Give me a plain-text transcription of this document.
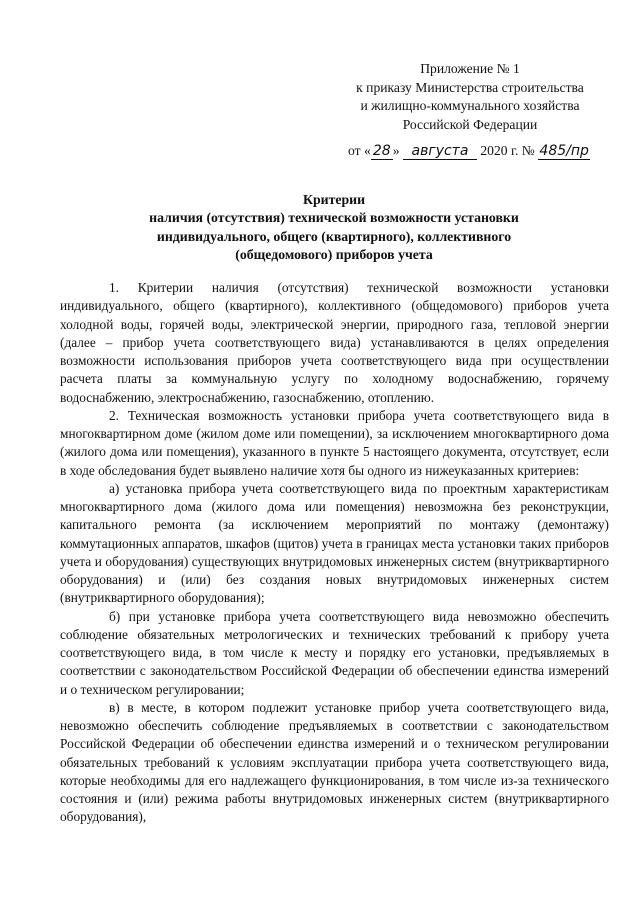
Приложение № 1
к приказу Министерства строительства
и жилищно-коммунального хозяйства
Российской Федерации
от « 28 » августа 2020 г. № 485/пр
Критерии
наличия (отсутствия) технической возможности установки
индивидуального, общего (квартирного), коллективного
(общедомового) приборов учета

1. Критерии наличия (отсутствия) технической возможности установки индивидуального, общего (квартирного), коллективного (общедомового) приборов учета холодной воды, горячей воды, электрической энергии, природного газа, тепловой энергии (далее – прибор учета соответствующего вида) устанавливаются в целях определения возможности использования приборов учета соответствующего вида при осуществлении расчета платы за коммунальную услугу по холодному водоснабжению, горячему водоснабжению, электроснабжению, газоснабжению, отоплению.

2. Техническая возможность установки прибора учета соответствующего вида в многоквартирном доме (жилом доме или помещении), за исключением многоквартирного дома (жилого дома или помещения), указанного в пункте 5 настоящего документа, отсутствует, если в ходе обследования будет выявлено наличие хотя бы одного из нижеуказанных критериев:

а) установка прибора учета соответствующего вида по проектным характеристикам многоквартирного дома (жилого дома или помещения) невозможна без реконструкции, капитального ремонта (за исключением мероприятий по монтажу (демонтажу) коммутационных аппаратов, шкафов (щитов) учета в границах места установки таких приборов учета и оборудования) существующих внутридомовых инженерных систем (внутриквартирного оборудования) и (или) без создания новых внутридомовых инженерных систем (внутриквартирного оборудования);

б) при установке прибора учета соответствующего вида невозможно обеспечить соблюдение обязательных метрологических и технических требований к прибору учета соответствующего вида, в том числе к месту и порядку его установки, предъявляемых в соответствии с законодательством Российской Федерации об обеспечении единства измерений и о техническом регулировании;

в) в месте, в котором подлежит установке прибор учета соответствующего вида, невозможно обеспечить соблюдение предъявляемых в соответствии с законодательством Российской Федерации об обеспечении единства измерений и о техническом регулировании обязательных требований к условиям эксплуатации прибора учета соответствующего вида, которые необходимы для его надлежащего функционирования, в том числе из-за технического состояния и (или) режима работы внутридомовых инженерных систем (внутриквартирного оборудования),
